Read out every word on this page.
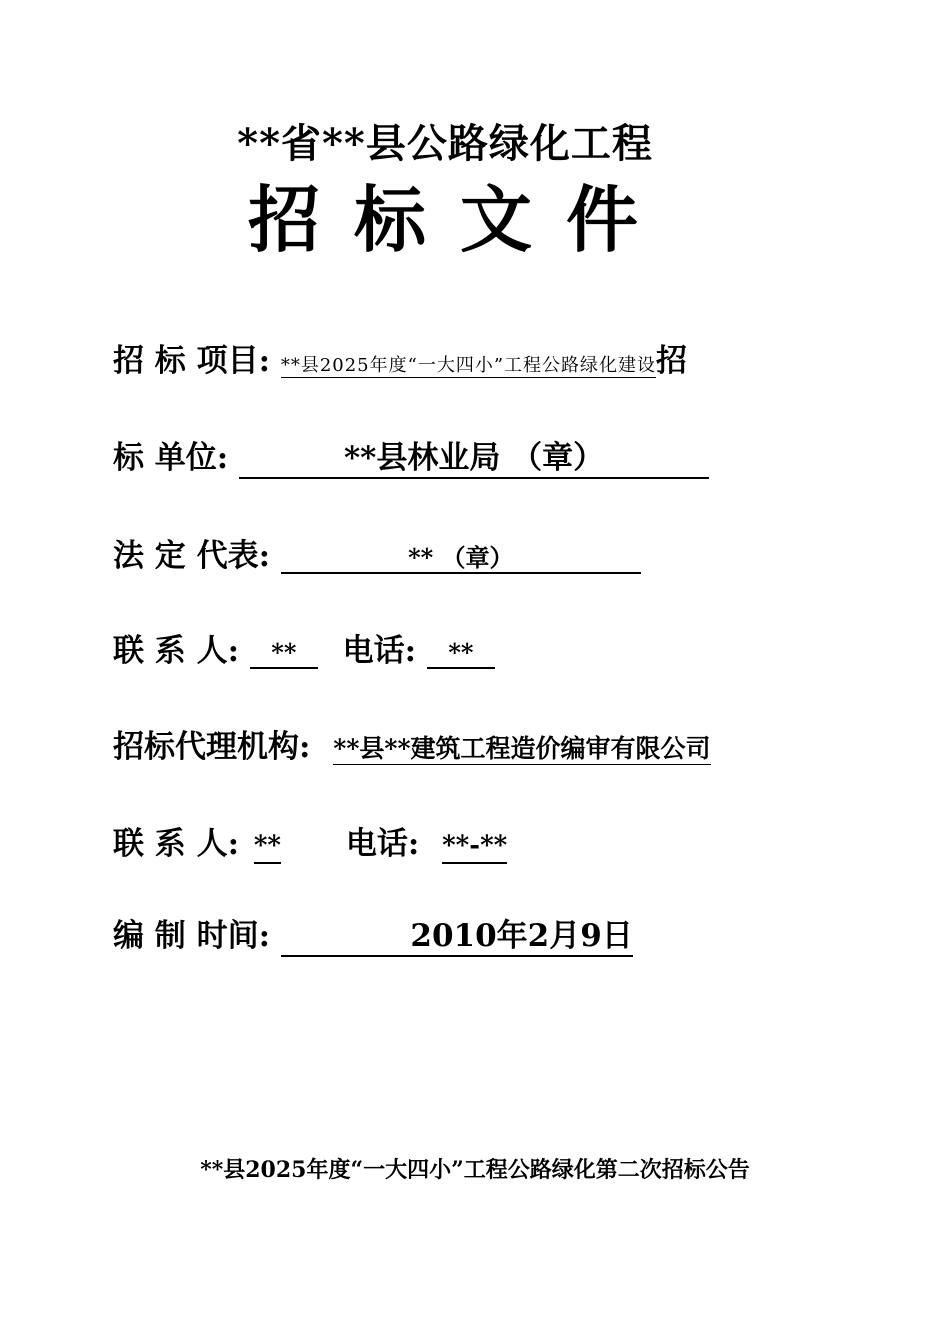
**省**县公路绿化工程
招标文件
招 标 项目: **县2025年度“一大四小”工程公路绿化建设招
标 单位:	**县林业局 （章）
法 定 代表:	** （章）
联 系 人: ** 电话: **
招标代理机构: **县**建筑工程造价编审有限公司
联 系 人: ** 电话: **-**
编 制 时间:	2010年2月9日
**县2025年度“一大四小”工程公路绿化第二次招标公告
